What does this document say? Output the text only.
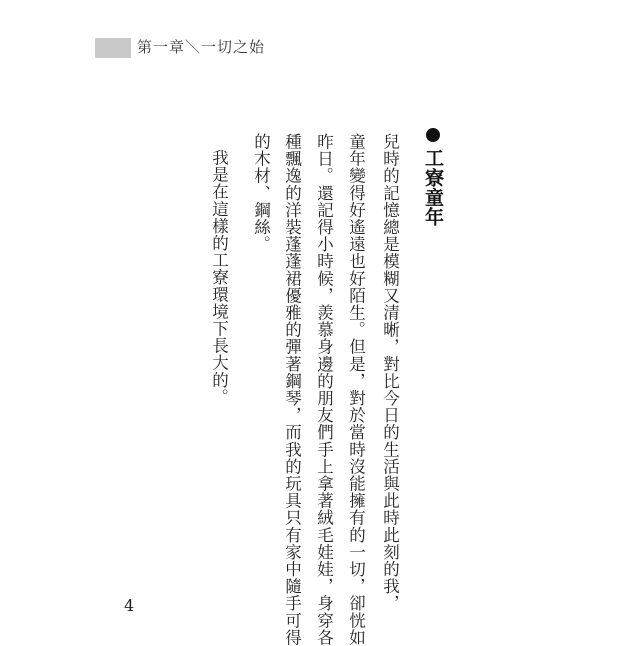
第一章＼一切之始
工寮童年
兒時的記憶總是模糊又清晰，對比今日的生活與此時此刻的我，
童年變得好遙遠也好陌生。但是，對於當時沒能擁有的一切，卻恍如
昨日。還記得小時候，羨慕身邊的朋友們手上拿著絨毛娃娃，身穿各
種飄逸的洋裝蓬蓬裙優雅的彈著鋼琴，而我的玩具只有家中隨手可得
的木材、鋼絲。
我是在這樣的工寮環境下長大的。
4
